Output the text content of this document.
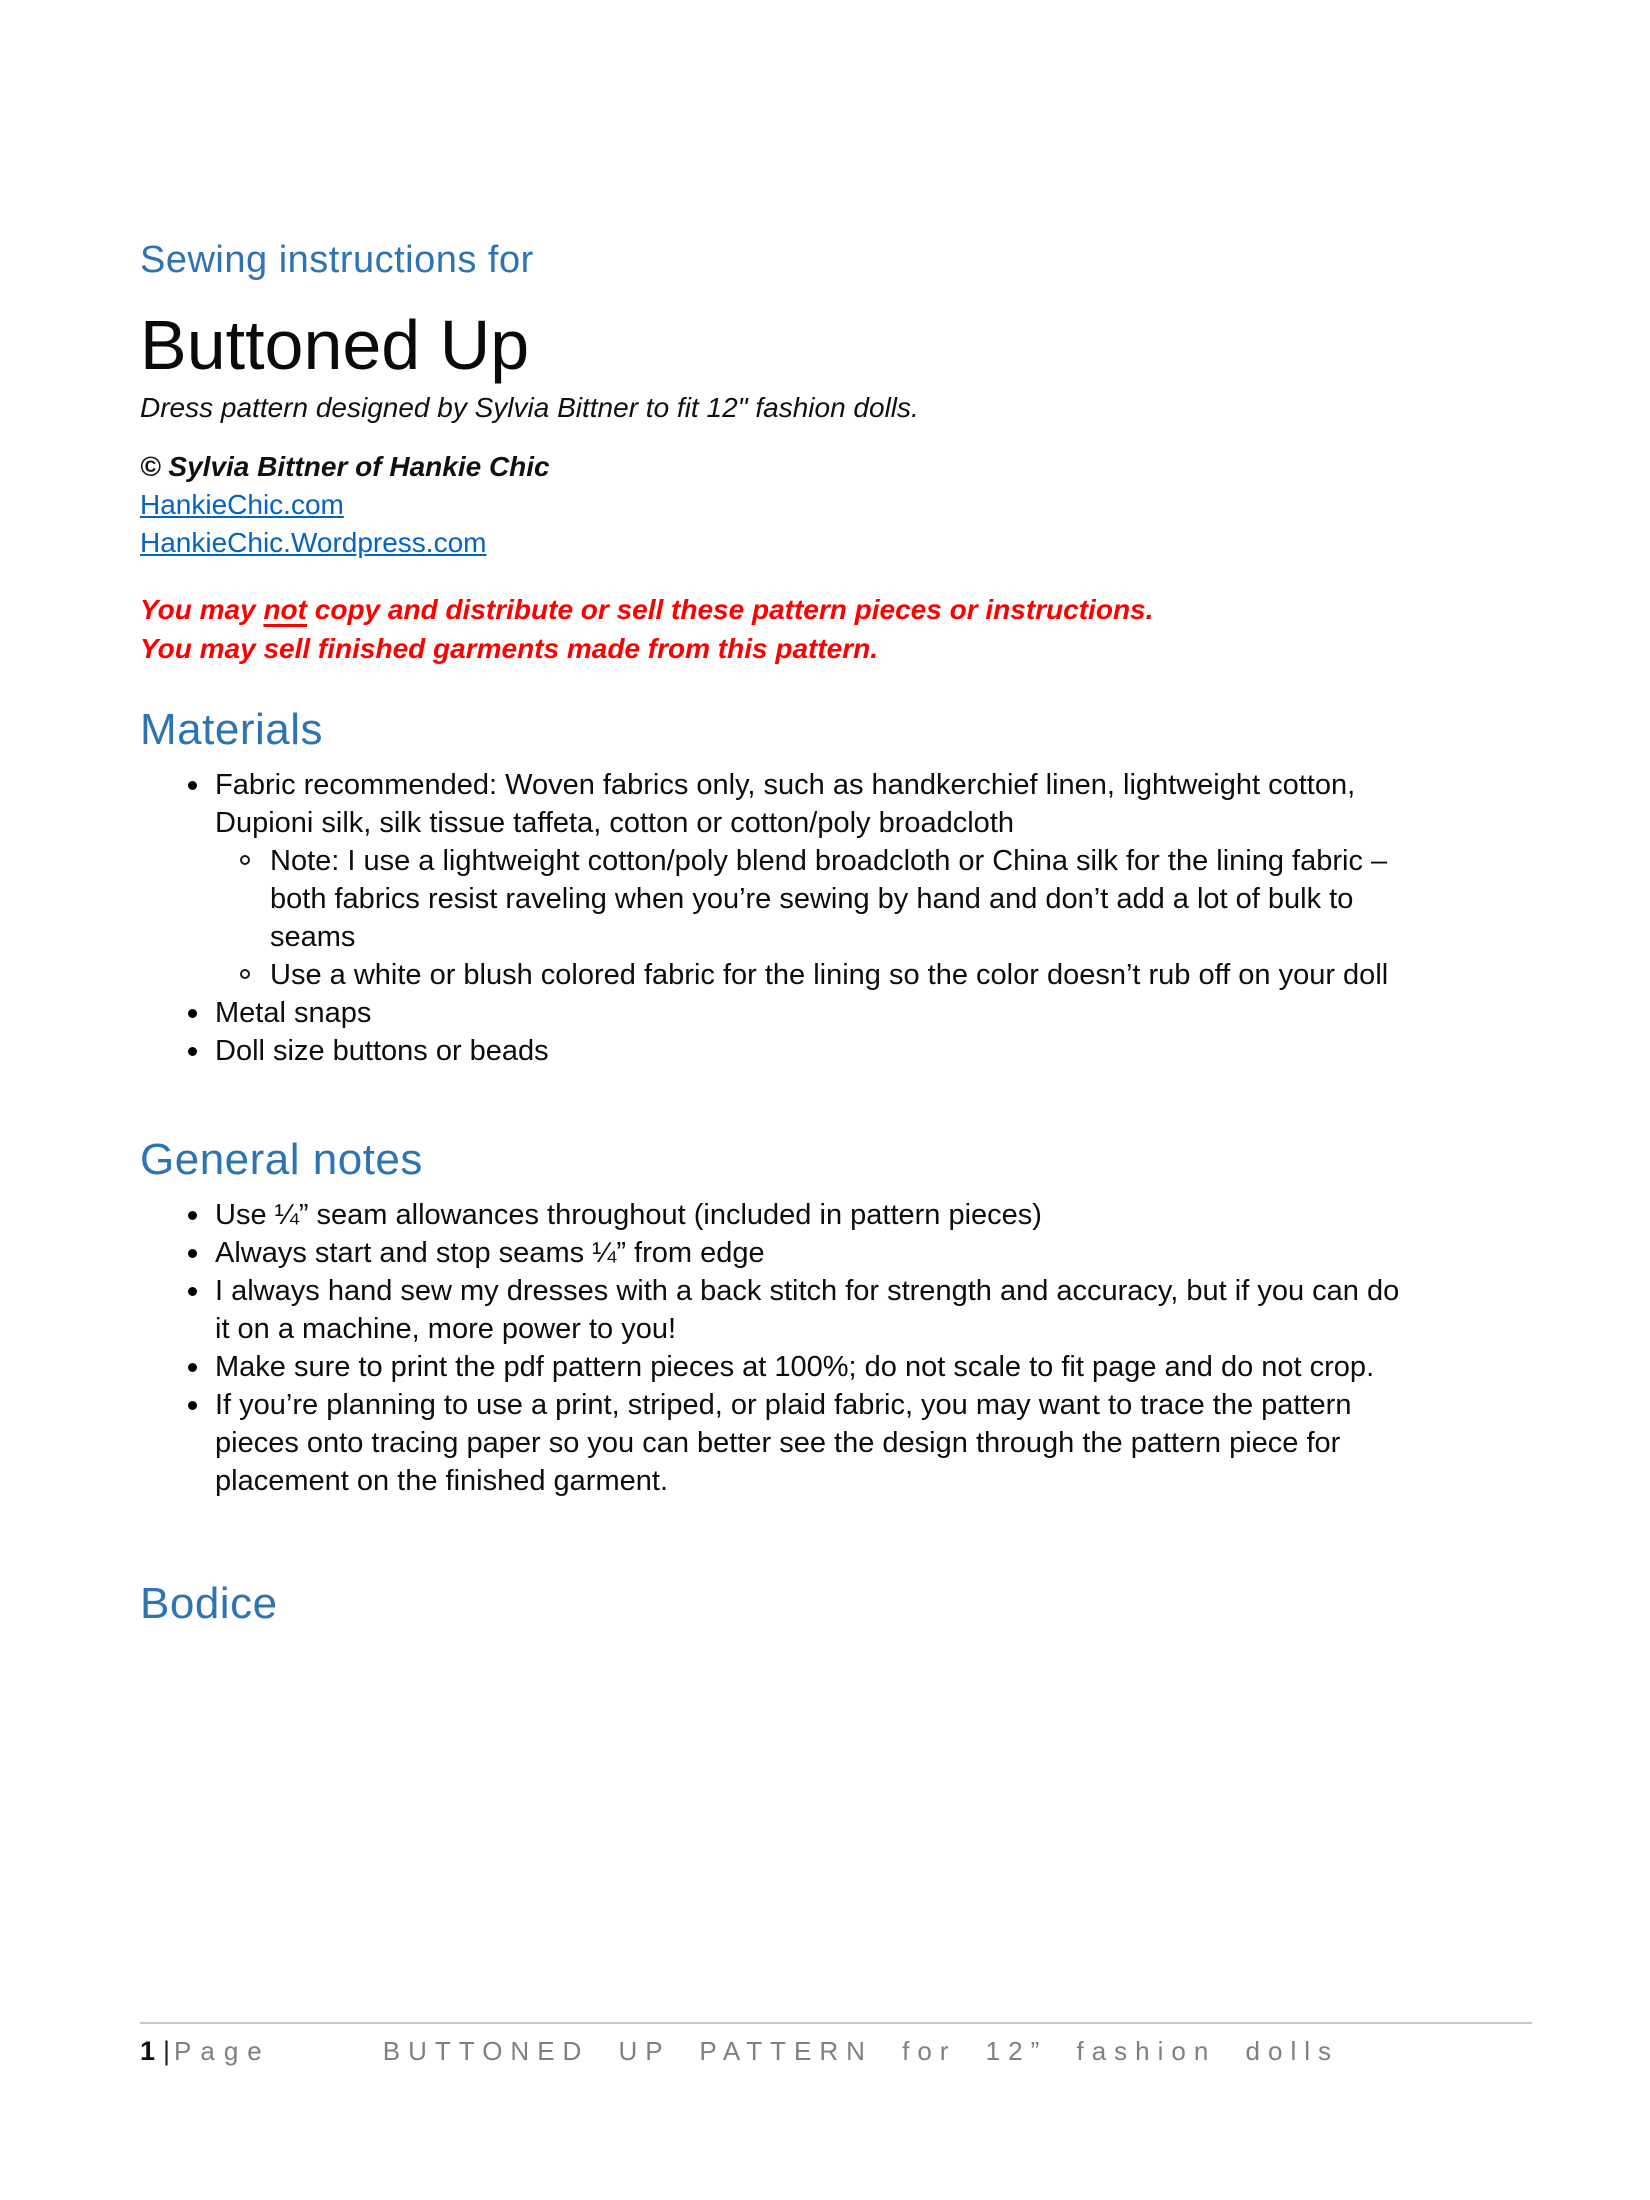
Sewing instructions for
Buttoned Up

Dress pattern designed by Sylvia Bittner to fit 12" fashion dolls.

© Sylvia Bittner of Hankie Chic

HankieChic.com
HankieChic.Wordpress.com

You may not copy and distribute or sell these pattern pieces or instructions.

You may sell finished garments made from this pattern.

Materials
Fabric recommended: Woven fabrics only, such as handkerchief linen, lightweight cotton, Dupioni silk, silk tissue taffeta, cotton or cotton/poly broadcloth
Note: I use a lightweight cotton/poly blend broadcloth or China silk for the lining fabric – both fabrics resist raveling when you’re sewing by hand and don’t add a lot of bulk to seams
Use a white or blush colored fabric for the lining so the color doesn’t rub off on your doll
Metal snaps
Doll size buttons or beads
General notes
Use ¼” seam allowances throughout (included in pattern pieces)
Always start and stop seams ¼” from edge
I always hand sew my dresses with a back stitch for strength and accuracy, but if you can do it on a machine, more power to you!
Make sure to print the pdf pattern pieces at 100%; do not scale to fit page and do not crop.
If you’re planning to use a print, striped, or plaid fabric, you may want to trace the pattern pieces onto tracing paper so you can better see the design through the pattern piece for placement on the finished garment.
Bodice
1 | Page	BUTTONED UP PATTERN for 12” fashion dolls
